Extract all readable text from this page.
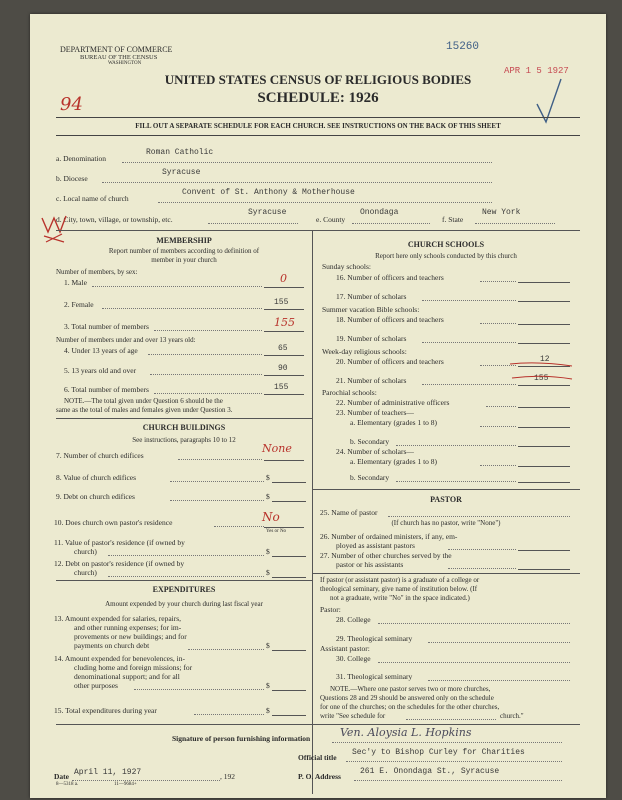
DEPARTMENT OF COMMERCE
BUREAU OF THE CENSUS
WASHINGTON
15260
APR 1 5 1927
UNITED STATES CENSUS OF RELIGIOUS BODIES
SCHEDULE: 1926
94
FILL OUT A SEPARATE SCHEDULE FOR EACH CHURCH. SEE INSTRUCTIONS ON THE BACK OF THIS SHEET
a. Denomination
Roman Catholic
b. Diocese
Syracuse
c. Local name of church
Convent of St. Anthony & Motherhouse
d. City, town, village, or township, etc.
Syracuse
e. County
Onondaga
f. State
New York
MEMBERSHIP
Report number of members according to definition of
member in your church
Number of members, by sex:
1. Male	0
2. Female	155
3. Total number of members	155
Number of members under and over 13 years old:
4. Under 13 years of age	65
5. 13 years old and over	90
6. Total number of members	155
NOTE.—The total given under Question 6 should be the
same as the total of males and females given under Question 3.
CHURCH BUILDINGS
See instructions, paragraphs 10 to 12
7. Number of church edifices
None
8. Value of church edifices	$
9. Debt on church edifices	$
10. Does church own pastor's residence	No
Yes or No
11. Value of pastor's residence (if owned by
church)	$
12. Debt on pastor's residence (if owned by
church)	$
EXPENDITURES
Amount expended by your church during last fiscal year
13. Amount expended for salaries, repairs,
and other running expenses; for im-
provements or new buildings; and for
payments on church debt	$
14. Amount expended for benevolences, in-
cluding home and foreign missions; for
denominational support; and for all
other purposes	$
15. Total expenditures during year	$
CHURCH SCHOOLS
Report here only schools conducted by this church
Sunday schools:
16. Number of officers and teachers
17. Number of scholars
Summer vacation Bible schools:
18. Number of officers and teachers
19. Number of scholars
Week-day religious schools:
20. Number of officers and teachers	12
21. Number of scholars	155
Parochial schools:
22. Number of administrative officers
23. Number of teachers—
a. Elementary (grades 1 to 8)
b. Secondary
24. Number of scholars—
a. Elementary (grades 1 to 8)
b. Secondary
PASTOR
25. Name of pastor
(If church has no pastor, write "None")
26. Number of ordained ministers, if any, em-
ployed as assistant pastors
27. Number of other churches served by the
pastor or his assistants
If pastor (or assistant pastor) is a graduate of a college or
theological seminary, give name of institution below. (If
not a graduate, write "No" in the space indicated.)
Pastor:
28. College
29. Theological seminary
Assistant pastor:
30. College
31. Theological seminary
NOTE.—Where one pastor serves two or more churches,
Questions 28 and 29 should be answered only on the schedule
for one of the churches; on the schedules for the other churches,
write "See schedule for	church."
Signature of person furnishing information	Ven. Aloysia L. Hopkins
Official title
Sec'y to Bishop Curley for Charities
Date April 11, 1927	, 192
8—5318 a.	11—9684+
P. O. Address
261 E. Onondaga St., Syracuse
